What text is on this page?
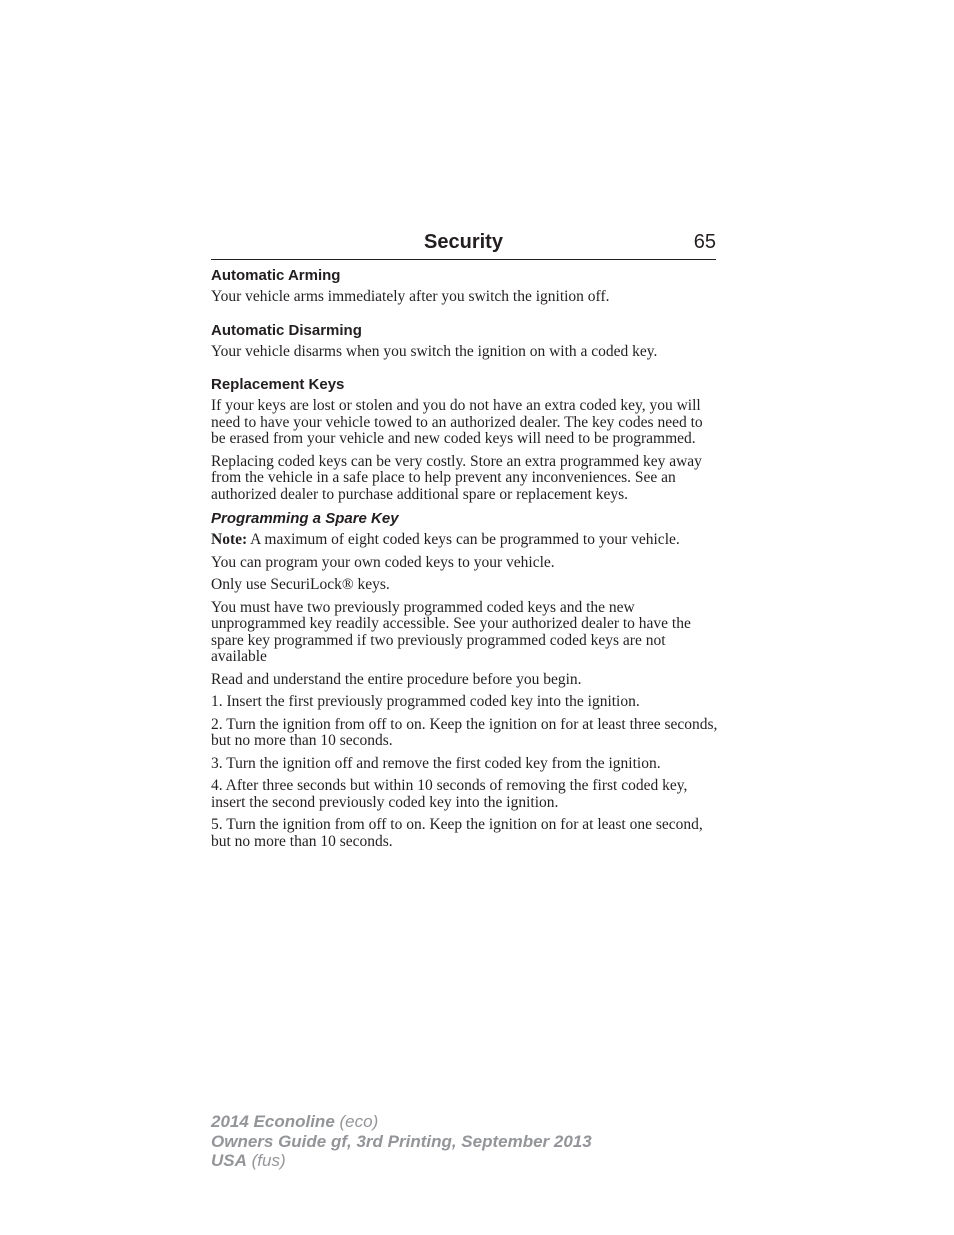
Security	65
Automatic Arming
Your vehicle arms immediately after you switch the ignition off.
Automatic Disarming
Your vehicle disarms when you switch the ignition on with a coded key.
Replacement Keys
If your keys are lost or stolen and you do not have an extra coded key, you will need to have your vehicle towed to an authorized dealer. The key codes need to be erased from your vehicle and new coded keys will need to be programmed.
Replacing coded keys can be very costly. Store an extra programmed key away from the vehicle in a safe place to help prevent any inconveniences. See an authorized dealer to purchase additional spare or replacement keys.
Programming a Spare Key
Note: A maximum of eight coded keys can be programmed to your vehicle.
You can program your own coded keys to your vehicle.
Only use SecuriLock® keys.
You must have two previously programmed coded keys and the new unprogrammed key readily accessible. See your authorized dealer to have the spare key programmed if two previously programmed coded keys are not available
Read and understand the entire procedure before you begin.
1. Insert the first previously programmed coded key into the ignition.
2. Turn the ignition from off to on. Keep the ignition on for at least three seconds, but no more than 10 seconds.
3. Turn the ignition off and remove the first coded key from the ignition.
4. After three seconds but within 10 seconds of removing the first coded key, insert the second previously coded key into the ignition.
5. Turn the ignition from off to on. Keep the ignition on for at least one second, but no more than 10 seconds.
2014 Econoline (eco)
Owners Guide gf, 3rd Printing, September 2013
USA (fus)
